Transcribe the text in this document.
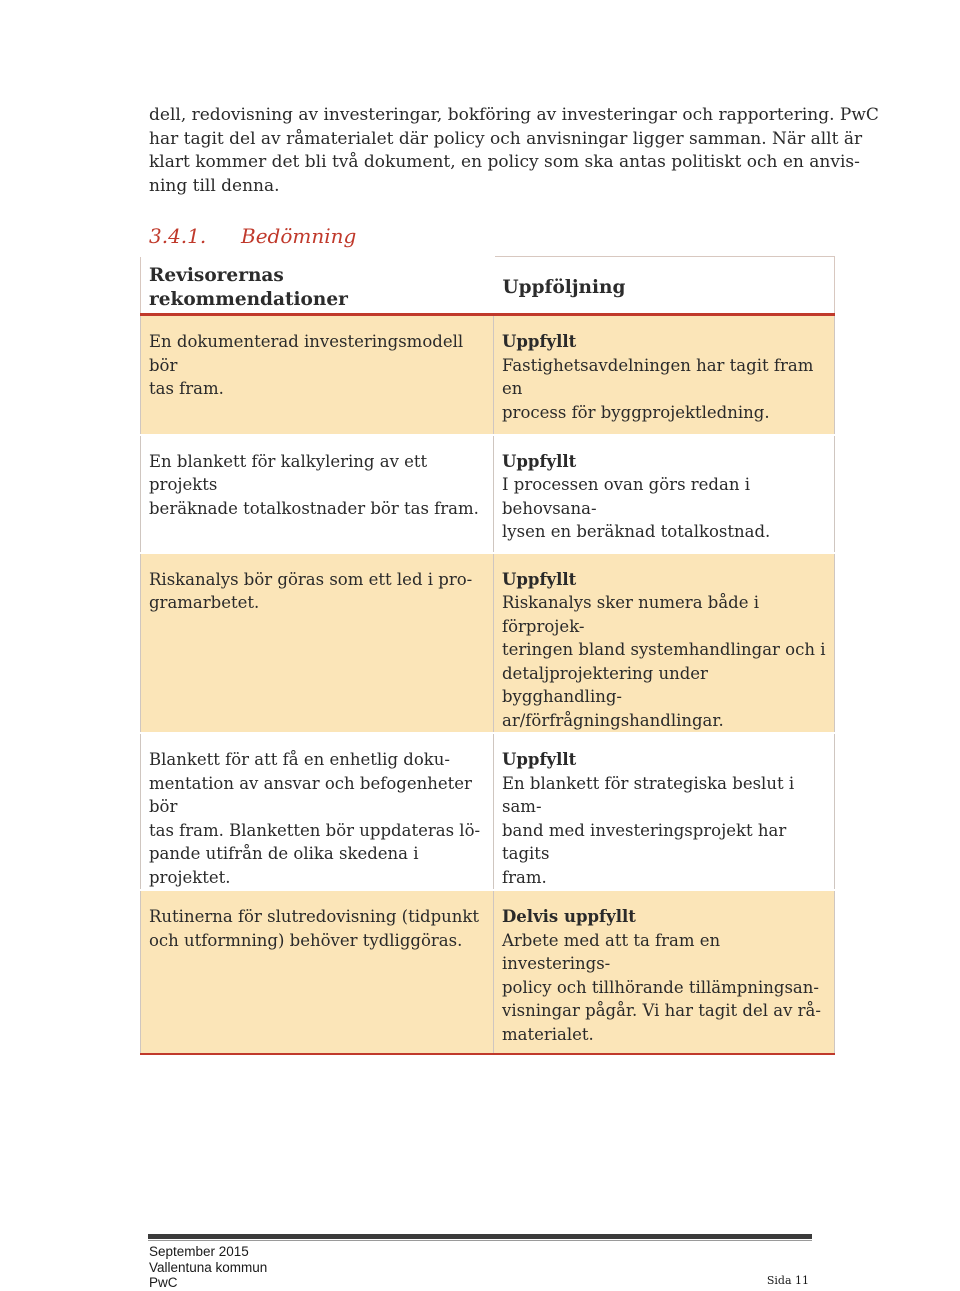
dell, redovisning av investeringar, bokföring av investeringar och rapportering. PwC
har tagit del av råmaterialet där policy och anvisningar ligger samman. När allt är
klart kommer det bli två dokument, en policy som ska antas politiskt och en anvis-
ning till denna.
3.4.1. Bedömning
Revisorernas rekommendationer	Uppföljning

En dokumenterad investeringsmodell bör
tas fram.	Uppfyllt
Fastighetsavdelningen har tagit fram en
process för byggprojektledning.

En blankett för kalkylering av ett projekts
beräknade totalkostnader bör tas fram.	Uppfyllt
I processen ovan görs redan i behovsana-
lysen en beräknad totalkostnad.

Riskanalys bör göras som ett led i pro-
gramarbetet.	Uppfyllt
Riskanalys sker numera både i förprojek-
teringen bland systemhandlingar och i
detaljprojektering under bygghandling-
ar/förfrågningshandlingar.

Blankett för att få en enhetlig doku-
mentation av ansvar och befogenheter bör
tas fram. Blanketten bör uppdateras lö-
pande utifrån de olika skedena i projektet.	Uppfyllt
En blankett för strategiska beslut i sam-
band med investeringsprojekt har tagits
fram.

Rutinerna för slutredovisning (tidpunkt
och utformning) behöver tydliggöras.	Delvis uppfyllt
Arbete med att ta fram en investerings-
policy och tillhörande tillämpningsan-
visningar pågår. Vi har tagit del av rå-
materialet.
September 2015
Vallentuna kommun
PwC	Sida 11
